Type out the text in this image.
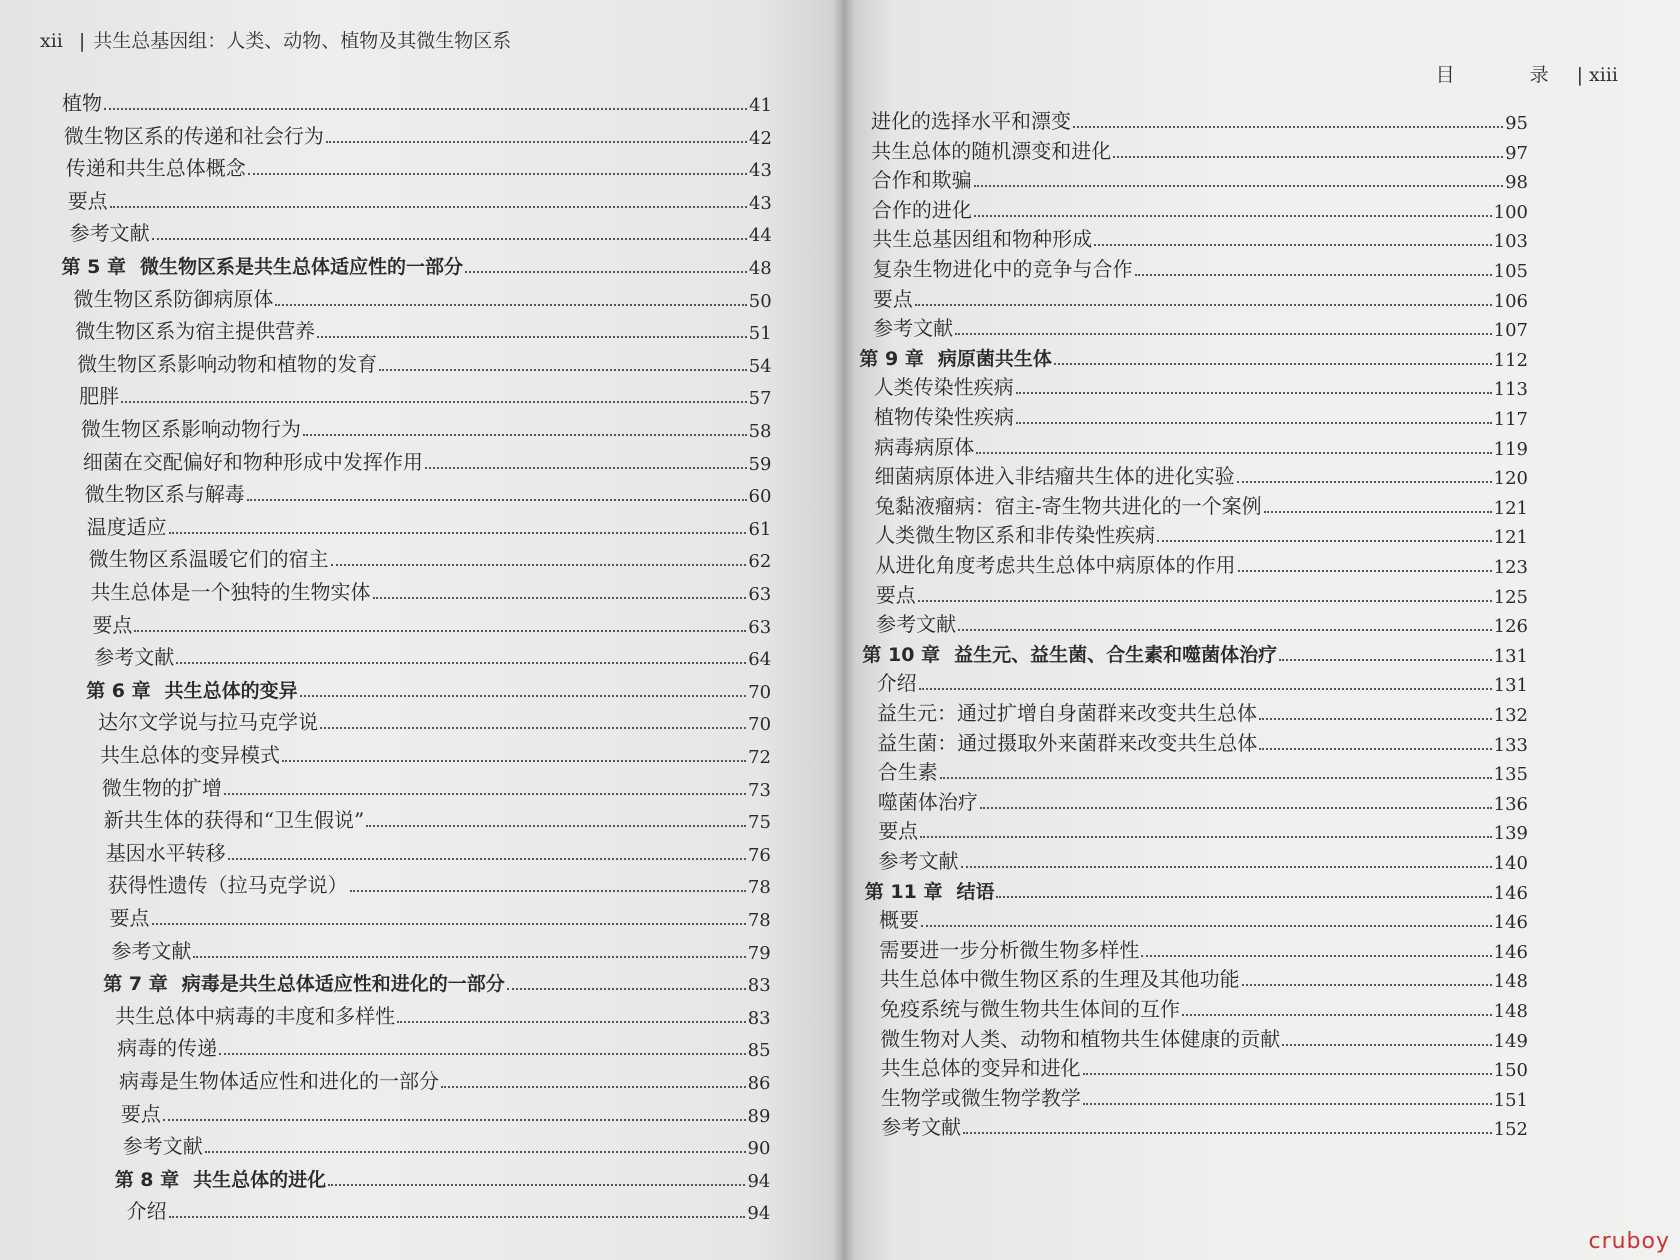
xii | 共生总基因组：人类、动物、植物及其微生物区系
植物	41
微生物区系的传递和社会行为	42
传递和共生总体概念	43
要点	43
参考文献	44
第 5 章 微生物区系是共生总体适应性的一部分	48
微生物区系防御病原体	50
微生物区系为宿主提供营养	51
微生物区系影响动物和植物的发育	54
肥胖	57
微生物区系影响动物行为	58
细菌在交配偏好和物种形成中发挥作用	59
微生物区系与解毒	60
温度适应	61
微生物区系温暖它们的宿主	62
共生总体是一个独特的生物实体	63
要点	63
参考文献	64
第 6 章 共生总体的变异	70
达尔文学说与拉马克学说	70
共生总体的变异模式	72
微生物的扩增	73
新共生体的获得和“卫生假说”	75
基因水平转移	76
获得性遗传（拉马克学说）	78
要点	78
参考文献	79
第 7 章 病毒是共生总体适应性和进化的一部分	83
共生总体中病毒的丰度和多样性	83
病毒的传递	85
病毒是生物体适应性和进化的一部分	86
要点	89
参考文献	90
第 8 章 共生总体的进化	94
介绍	94
目　录| xiii
进化的选择水平和漂变	95
共生总体的随机漂变和进化	97
合作和欺骗	98
合作的进化	100
共生总基因组和物种形成	103
复杂生物进化中的竞争与合作	105
要点	106
参考文献	107
第 9 章 病原菌共生体	112
人类传染性疾病	113
植物传染性疾病	117
病毒病原体	119
细菌病原体进入非结瘤共生体的进化实验	120
兔黏液瘤病：宿主-寄生物共进化的一个案例	121
人类微生物区系和非传染性疾病	121
从进化角度考虑共生总体中病原体的作用	123
要点	125
参考文献	126
第 10 章 益生元、益生菌、合生素和噬菌体治疗	131
介绍	131
益生元：通过扩增自身菌群来改变共生总体	132
益生菌：通过摄取外来菌群来改变共生总体	133
合生素	135
噬菌体治疗	136
要点	139
参考文献	140
第 11 章 结语	146
概要	146
需要进一步分析微生物多样性	146
共生总体中微生物区系的生理及其他功能	148
免疫系统与微生物共生体间的互作	148
微生物对人类、动物和植物共生体健康的贡献	149
共生总体的变异和进化	150
生物学或微生物学教学	151
参考文献	152
cruboy
